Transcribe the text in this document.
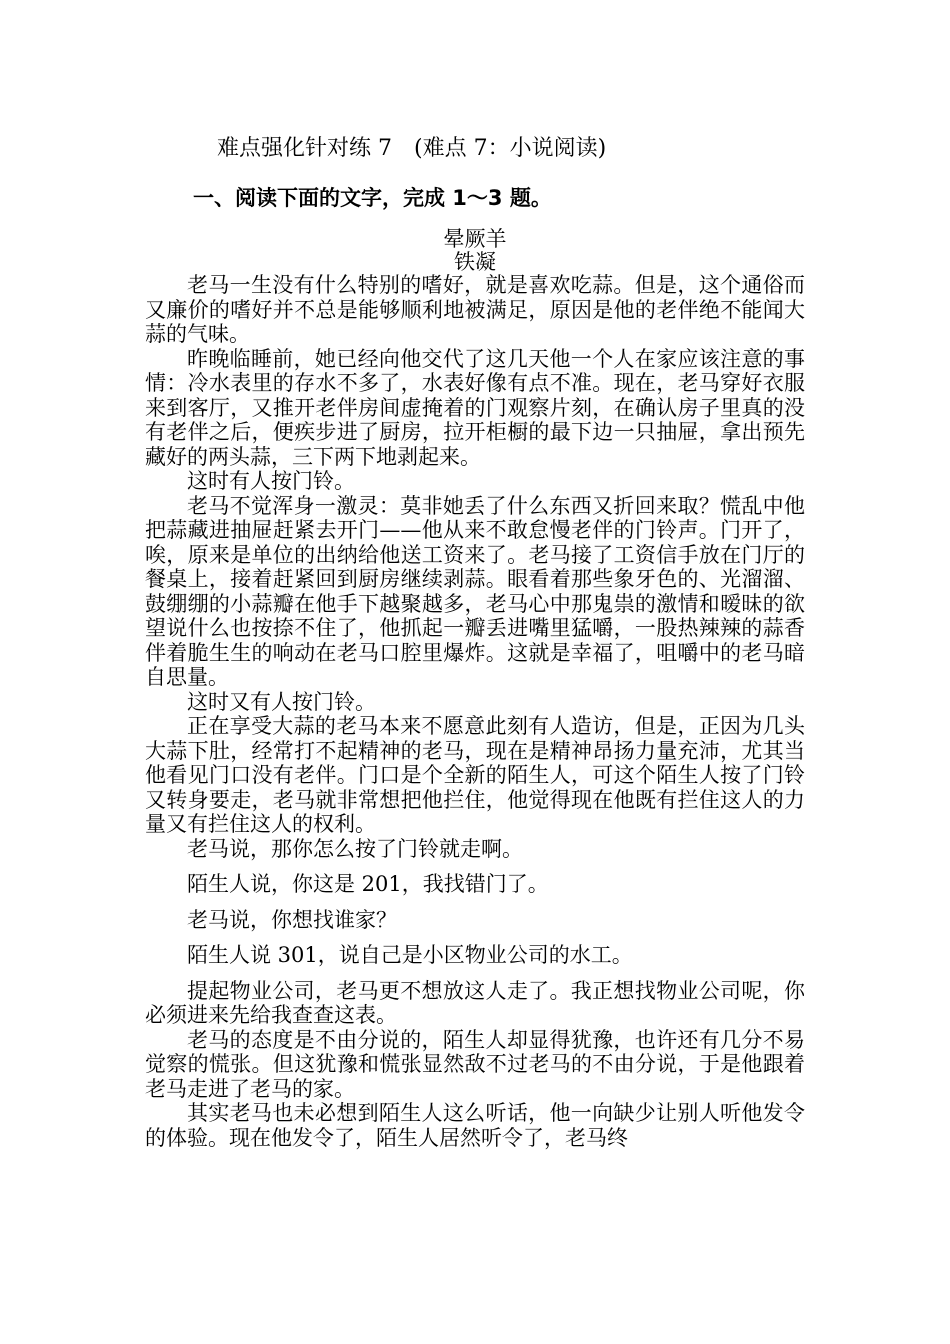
难点强化针对练 7　(难点 7：小说阅读)
一、阅读下面的文字，完成 1～3 题。
晕厥羊
铁凝

老马一生没有什么特别的嗜好，就是喜欢吃蒜。但是，这个通俗而又廉价的嗜好并不总是能够顺利地被满足，原因是他的老伴绝不能闻大蒜的气味。

昨晚临睡前，她已经向他交代了这几天他一个人在家应该注意的事情：冷水表里的存水不多了，水表好像有点不准。现在，老马穿好衣服来到客厅，又推开老伴房间虚掩着的门观察片刻，在确认房子里真的没有老伴之后，便疾步进了厨房，拉开柜橱的最下边一只抽屉，拿出预先藏好的两头蒜，三下两下地剥起来。

这时有人按门铃。

老马不觉浑身一激灵：莫非她丢了什么东西又折回来取？慌乱中他把蒜藏进抽屉赶紧去开门——他从来不敢怠慢老伴的门铃声。门开了，唉，原来是单位的出纳给他送工资来了。老马接了工资信手放在门厅的餐桌上，接着赶紧回到厨房继续剥蒜。眼看着那些象牙色的、光溜溜、鼓绷绷的小蒜瓣在他手下越聚越多，老马心中那鬼祟的激情和暧昧的欲望说什么也按捺不住了，他抓起一瓣丢进嘴里猛嚼，一股热辣辣的蒜香伴着脆生生的响动在老马口腔里爆炸。这就是幸福了，咀嚼中的老马暗自思量。

这时又有人按门铃。

正在享受大蒜的老马本来不愿意此刻有人造访，但是，正因为几头大蒜下肚，经常打不起精神的老马，现在是精神昂扬力量充沛，尤其当他看见门口没有老伴。门口是个全新的陌生人，可这个陌生人按了门铃又转身要走，老马就非常想把他拦住，他觉得现在他既有拦住这人的力量又有拦住这人的权利。

老马说，那你怎么按了门铃就走啊。

陌生人说，你这是 201，我找错门了。

老马说，你想找谁家？

陌生人说 301，说自己是小区物业公司的水工。

提起物业公司，老马更不想放这人走了。我正想找物业公司呢，你必须进来先给我查查这表。

老马的态度是不由分说的，陌生人却显得犹豫，也许还有几分不易觉察的慌张。但这犹豫和慌张显然敌不过老马的不由分说，于是他跟着老马走进了老马的家。

其实老马也未必想到陌生人这么听话，他一向缺少让别人听他发令的体验。现在他发令了，陌生人居然听令了，老马终
